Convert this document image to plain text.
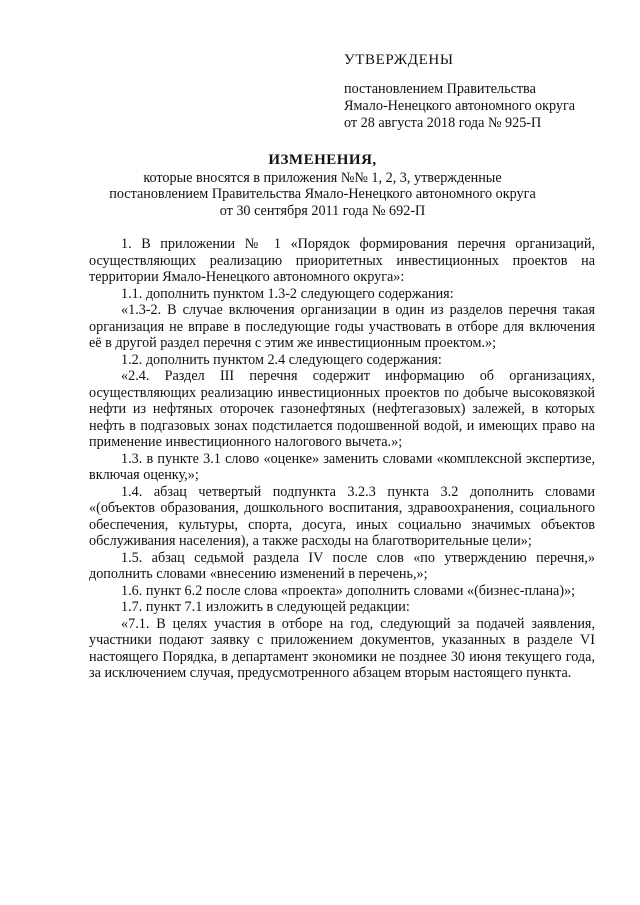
УТВЕРЖДЕНЫ
постановлением Правительства
Ямало-Ненецкого автономного округа
от 28 августа 2018 года № 925-П
ИЗМЕНЕНИЯ,
которые вносятся в приложения №№ 1, 2, 3, утвержденные
постановлением Правительства Ямало-Ненецкого автономного округа
от 30 сентября 2011 года № 692-П

1. В приложении № 1 «Порядок формирования перечня организаций, осуществляющих реализацию приоритетных инвестиционных проектов на территории Ямало-Ненецкого автономного округа»:

1.1. дополнить пунктом 1.3-2 следующего содержания:

«1.3-2. В случае включения организации в один из разделов перечня такая организация не вправе в последующие годы участвовать в отборе для включения её в другой раздел перечня с этим же инвестиционным проектом.»;

1.2. дополнить пунктом 2.4 следующего содержания:

«2.4. Раздел III перечня содержит информацию об организациях, осуществляющих реализацию инвестиционных проектов по добыче высоковязкой нефти из нефтяных оторочек газонефтяных (нефтегазовых) залежей, в которых нефть в подгазовых зонах подстилается подошвенной водой, и имеющих право на применение инвестиционного налогового вычета.»;

1.3. в пункте 3.1 слово «оценке» заменить словами «комплексной экспертизе, включая оценку,»;

1.4. абзац четвертый подпункта 3.2.3 пункта 3.2 дополнить словами «(объектов образования, дошкольного воспитания, здравоохранения, социального обеспечения, культуры, спорта, досуга, иных социально значимых объектов обслуживания населения), а также расходы на благотворительные цели»;

1.5. абзац седьмой раздела IV после слов «по утверждению перечня,» дополнить словами «внесению изменений в перечень,»;

1.6. пункт 6.2 после слова «проекта» дополнить словами «(бизнес-плана)»;

1.7. пункт 7.1 изложить в следующей редакции:

«7.1. В целях участия в отборе на год, следующий за подачей заявления, участники подают заявку с приложением документов, указанных в разделе VI настоящего Порядка, в департамент экономики не позднее 30 июня текущего года, за исключением случая, предусмотренного абзацем вторым настоящего пункта.
